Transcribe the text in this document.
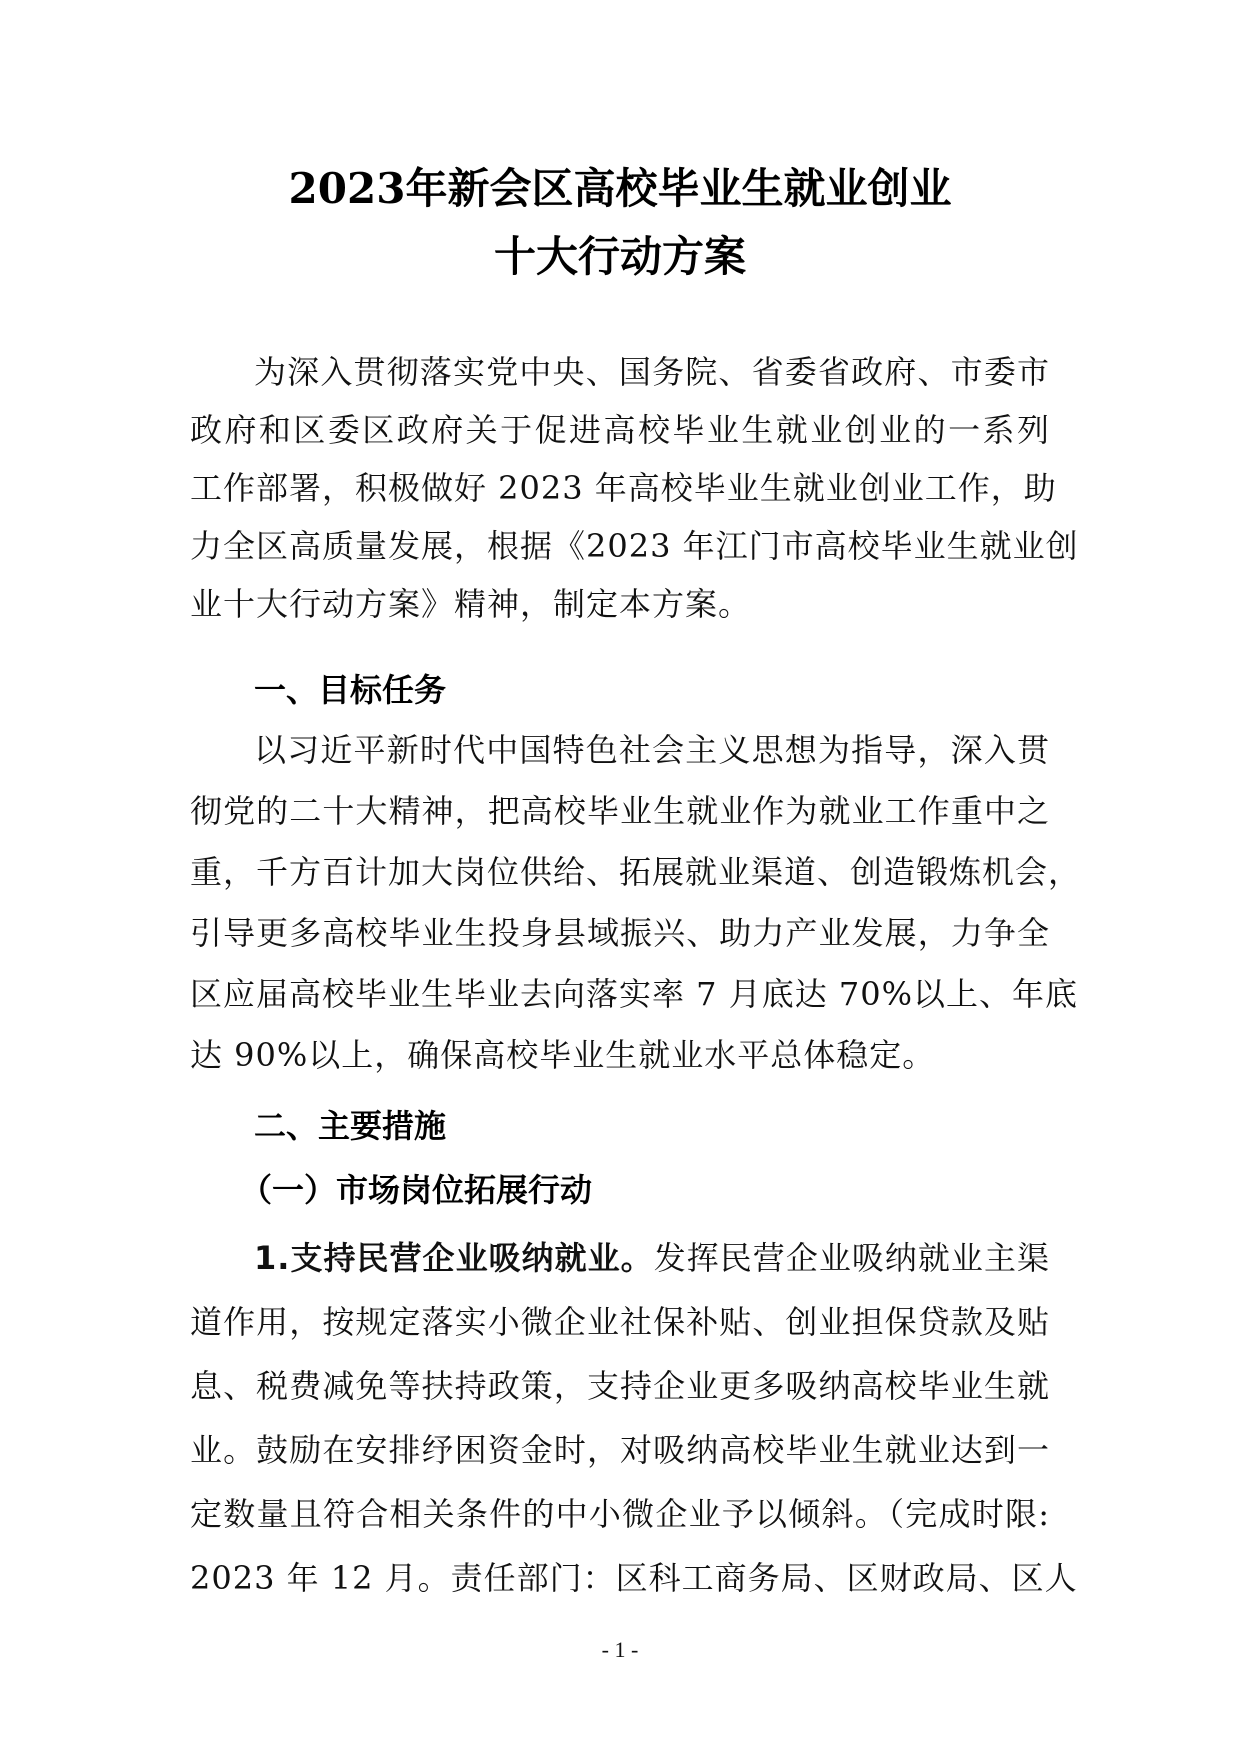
2023年新会区高校毕业生就业创业
十大行动方案
为深入贯彻落实党中央、国务院、省委省政府、市委市
政府和区委区政府关于促进高校毕业生就业创业的一系列
工作部署，积极做好 2023 年高校毕业生就业创业工作，助
力全区高质量发展，根据《2023 年江门市高校毕业生就业创
业十大行动方案》精神，制定本方案。
一、目标任务
以习近平新时代中国特色社会主义思想为指导，深入贯
彻党的二十大精神，把高校毕业生就业作为就业工作重中之
重，千方百计加大岗位供给、拓展就业渠道、创造锻炼机会，
引导更多高校毕业生投身县域振兴、助力产业发展，力争全
区应届高校毕业生毕业去向落实率 7 月底达 70%以上、年底
达 90%以上，确保高校毕业生就业水平总体稳定。
二、主要措施
（一）市场岗位拓展行动
1.支持民营企业吸纳就业。发挥民营企业吸纳就业主渠
道作用，按规定落实小微企业社保补贴、创业担保贷款及贴
息、税费减免等扶持政策，支持企业更多吸纳高校毕业生就
业。鼓励在安排纾困资金时，对吸纳高校毕业生就业达到一
定数量且符合相关条件的中小微企业予以倾斜。（完成时限:
2023 年 12 月。责任部门：区科工商务局、区财政局、区人
- 1 -
